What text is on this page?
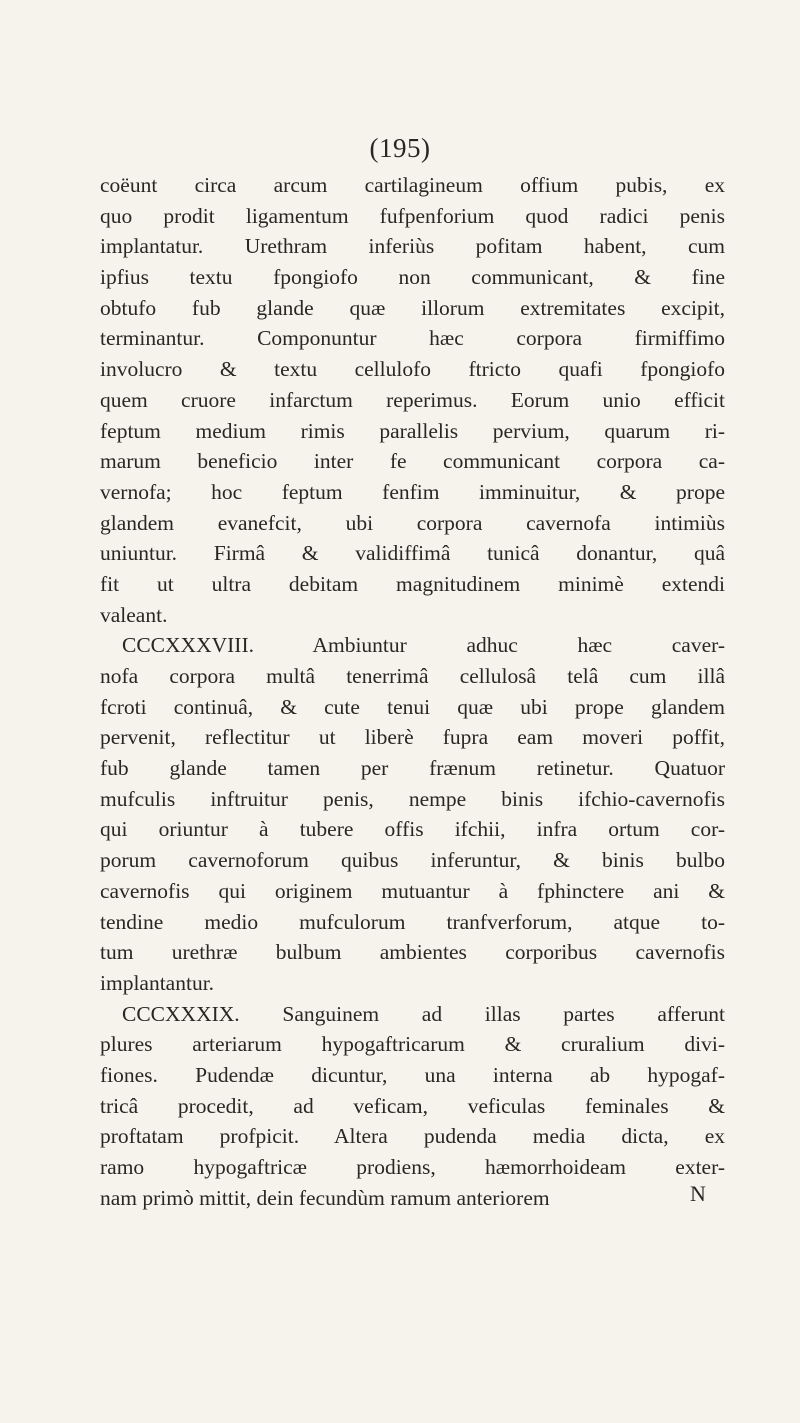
(195)
coëunt circa arcum cartilagineum offium pubis, ex
quo prodit ligamentum fufpenforium quod radici penis
implantatur. Urethram inferiùs pofitam habent, cum
ipfius textu fpongiofo non communicant, & fine
obtufo fub glande quæ illorum extremitates excipit,
terminantur. Componuntur hæc corpora firmiffimo
involucro & textu cellulofo ftricto quafi fpongiofo
quem cruore infarctum reperimus. Eorum unio efficit
feptum medium rimis parallelis pervium, quarum ri-
marum beneficio inter fe communicant corpora ca-
vernofa; hoc feptum fenfim imminuitur, & prope
glandem evanefcit, ubi corpora cavernofa intimiùs
uniuntur. Firmâ & validiffimâ tunicâ donantur, quâ
fit ut ultra debitam magnitudinem minimè extendi
valeant.
CCCXXXVIII. Ambiuntur adhuc hæc caver-
nofa corpora multâ tenerrimâ cellulosâ telâ cum illâ
fcroti continuâ, & cute tenui quæ ubi prope glandem
pervenit, reflectitur ut liberè fupra eam moveri poffit,
fub glande tamen per frænum retinetur. Quatuor
mufculis inftruitur penis, nempe binis ifchio-cavernofis
qui oriuntur à tubere offis ifchii, infra ortum cor-
porum cavernoforum quibus inferuntur, & binis bulbo
cavernofis qui originem mutuantur à fphinctere ani &
tendine medio mufculorum tranfverforum, atque to-
tum urethræ bulbum ambientes corporibus cavernofis
implantantur.
CCCXXXIX. Sanguinem ad illas partes afferunt
plures arteriarum hypogaftricarum & cruralium divi-
fiones. Pudendæ dicuntur, una interna ab hypogaf-
tricâ procedit, ad veficam, veficulas feminales &
proftatam profpicit. Altera pudenda media dicta, ex
ramo hypogaftricæ prodiens, hæmorrhoideam exter-
nam primò mittit, dein fecundùm ramum anteriorem	N
